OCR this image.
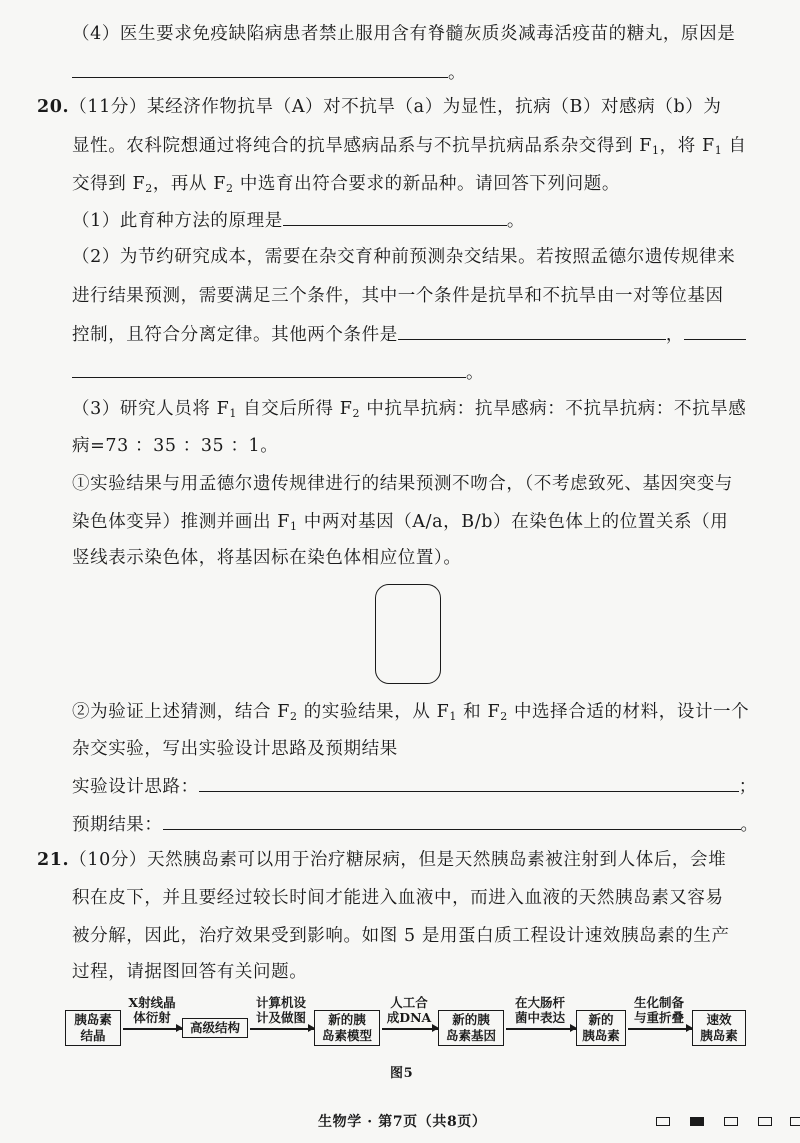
（4）医生要求免疫缺陷病患者禁止服用含有脊髓灰质炎减毒活疫苗的糖丸，原因是
。
20.（11分）某经济作物抗旱（A）对不抗旱（a）为显性，抗病（B）对感病（b）为
显性。农科院想通过将纯合的抗旱感病品系与不抗旱抗病品系杂交得到 $F_1$，将 $F_1$ 自
交得到 $F_2$，再从 $F_2$ 中选育出符合要求的新品种。请回答下列问题。
（1）此育种方法的原理是	。
（2）为节约研究成本，需要在杂交育种前预测杂交结果。若按照孟德尔遗传规律来
进行结果预测，需要满足三个条件，其中一个条件是抗旱和不抗旱由一对等位基因
控制，且符合分离定律。其他两个条件是	，
。
（3）研究人员将 $F_1$ 自交后所得 $F_2$ 中抗旱抗病：抗旱感病：不抗旱抗病：不抗旱感
病=73 ：35 ：35 ：1。
①实验结果与用孟德尔遗传规律进行的结果预测不吻合，（不考虑致死、基因突变与
染色体变异）推测并画出 $F_1$ 中两对基因（A/a，B/b）在染色体上的位置关系（用
竖线表示染色体，将基因标在染色体相应位置）。
②为验证上述猜测，结合 $F_2$ 的实验结果，从 $F_1$ 和 $F_2$ 中选择合适的材料，设计一个
杂交实验，写出实验设计思路及预期结果
实验设计思路：	；
预期结果：	。
21.（10分）天然胰岛素可以用于治疗糖尿病，但是天然胰岛素被注射到人体后，会堆
积在皮下，并且要经过较长时间才能进入血液中，而进入血液的天然胰岛素又容易
被分解，因此，治疗效果受到影响。如图 5 是用蛋白质工程设计速效胰岛素的生产
过程，请据图回答有关问题。
胰岛素
结晶
X射线晶
体衍射
高级结构
计算机设
计及做图	新的胰
岛素模型
人工合
成DNA	新的胰
岛素基因
在大肠杆
菌中表达	新的
胰岛素
生化制备
与重折叠	速效
胰岛素
图5
生物学 · 第7页（共8页）
